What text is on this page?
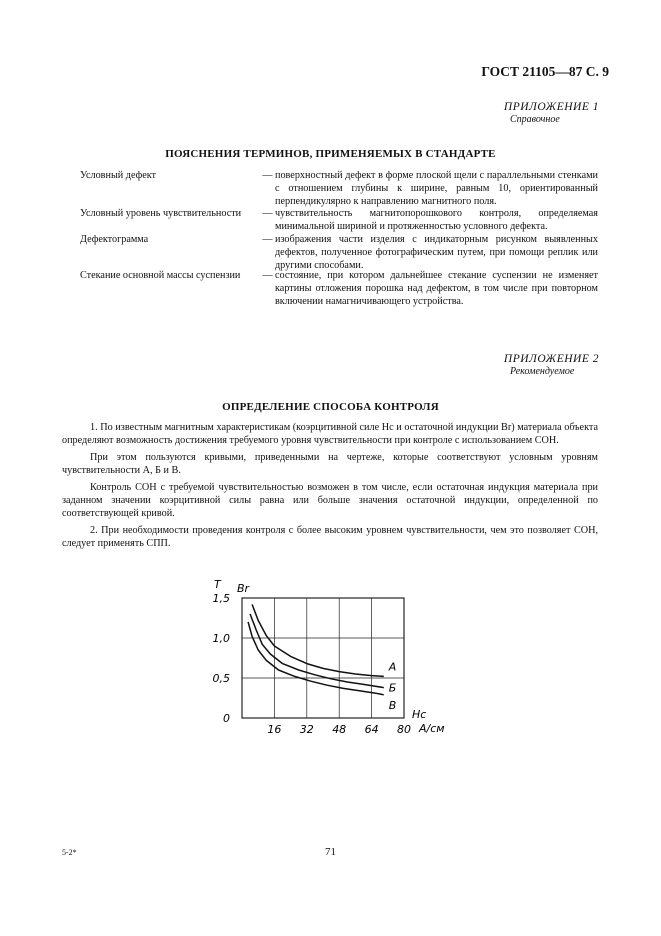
ГОСТ 21105—87 С. 9
ПРИЛОЖЕНИЕ 1
Справочное
ПОЯСНЕНИЯ ТЕРМИНОВ, ПРИМЕНЯЕМЫХ В СТАНДАРТЕ
Условный дефект	— поверхностный дефект в форме плоской щели с параллельными стенками с отношением глубины к ширине, равным 10, ориентированный перпендикулярно к направлению магнитного поля.
Условный уровень чувствительности	— чувствительность магнитопорошкового контроля, определяемая минимальной шириной и протяженностью условного дефекта.
Дефектограмма	— изображения части изделия с индикаторным рисунком выявленных дефектов, полученное фотографическим путем, при помощи реплик или другими способами.
Стекание основной массы суспензии	— состояние, при котором дальнейшее стекание суспензии не изменяет картины отложения порошка над дефектом, в том числе при повторном включении намагничивающего устройства.
ПРИЛОЖЕНИЕ 2
Рекомендуемое
ОПРЕДЕЛЕНИЕ СПОСОБА КОНТРОЛЯ

1. По известным магнитным характеристикам (коэрцитивной силе Hc и остаточной индукции Br) материала объекта определяют возможность достижения требуемого уровня чувствительности при контроле с использованием СОН.

При этом пользуются кривыми, приведенными на чертеже, которые соответствуют условным уровням чувствительности А, Б и В.

Контроль СОН с требуемой чувствительностью возможен в том числе, если остаточная индукция материала при заданном значении коэрцитивной силы равна или больше значения остаточной индукции, определенной по соответствующей кривой.

2. При необходимости проведения контроля с более высоким уровнем чувствительности, чем это позволяет СОН, следует применять СПП.

16 32 48 64 80
0
0,5
1,0
1,5
А
Б
В
Т Br
Hc
А/см
5-2*	71
